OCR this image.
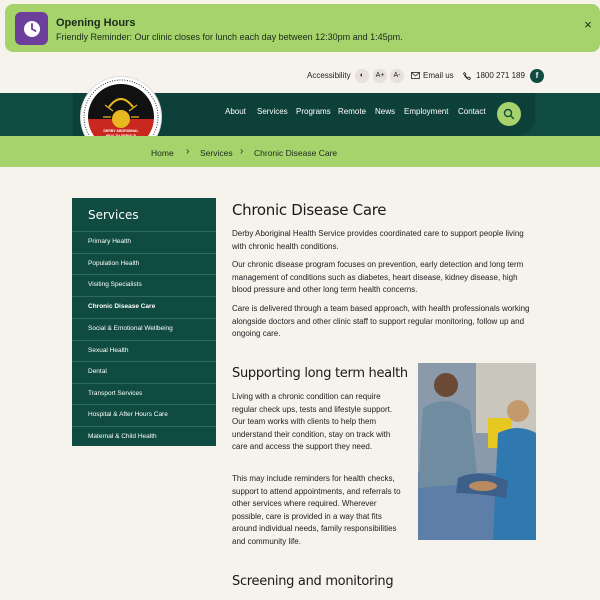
Opening Hours
Friendly Reminder: Our clinic closes for lunch each day between 12:30pm and 1:45pm.
×
Accessibility	◐	A+	A-	Email us	1800 271 189	f
About Services Programs Remote News Employment Contact
DERBY ABORIGINAL
Home › Services › Chronic Disease Care
Services
Primary Health
Population Health
Visiting Specialists
Chronic Disease Care
Social & Emotional Wellbeing
Sexual Health
Dental
Transport Services
Hospital & After Hours Care
Maternal & Child Health
Chronic Disease Care

Derby Aboriginal Health Service provides coordinated care to support people living with chronic health conditions.

Our chronic disease program focuses on prevention, early detection and long term management of conditions such as diabetes, heart disease, kidney disease, high blood pressure and other long term health concerns.

Care is delivered through a team based approach, with health professionals working alongside doctors and other clinic staff to support regular monitoring, follow up and ongoing care.

Supporting long term health

Living with a chronic condition can require regular check ups, tests and lifestyle support. Our team works with clients to help them understand their condition, stay on track with care and access the support they need.

This may include reminders for health checks, support to attend appointments, and referrals to other services where required. Wherever possible, care is provided in a way that fits around individual needs, family responsibilities and community life.

Screening and monitoring
